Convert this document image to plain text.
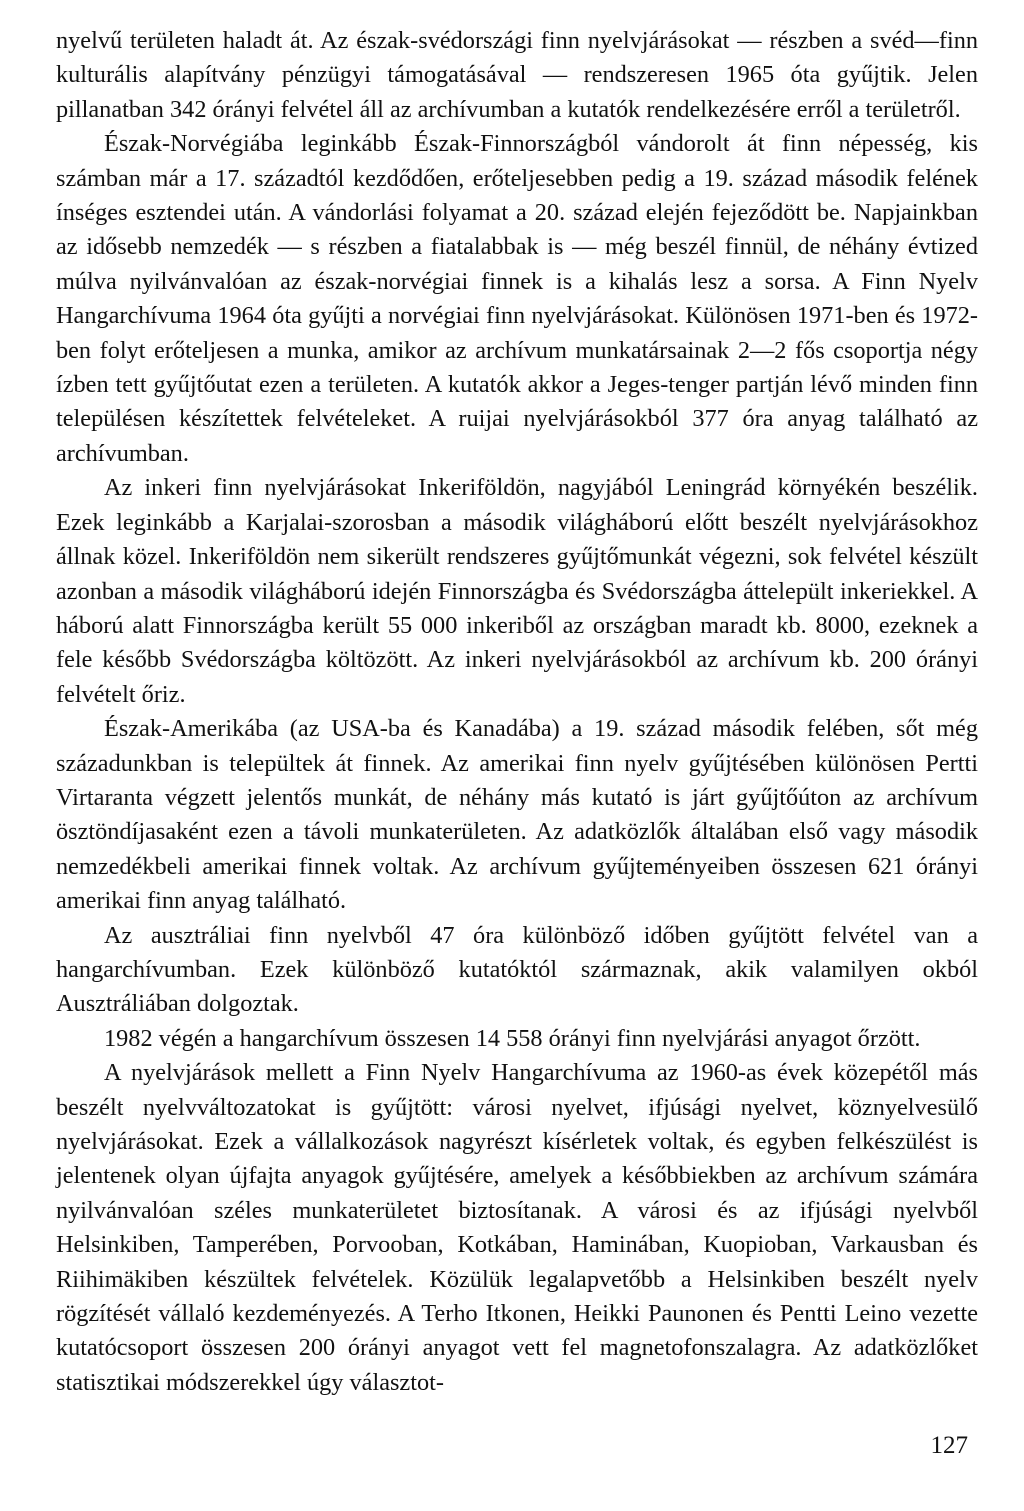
nyelvű területen haladt át. Az észak-svédországi finn nyelvjárásokat — részben a svéd—finn kulturális alapítvány pénzügyi támogatásával — rendszeresen 1965 óta gyűjtik. Jelen pillanatban 342 órányi felvétel áll az archívumban a kutatók rendelkezésére erről a területről.

Észak-Norvégiába leginkább Észak-Finnországból vándorolt át finn népesség, kis számban már a 17. századtól kezdődően, erőteljesebben pedig a 19. század második felének ínséges esztendei után. A vándorlási folyamat a 20. század elején fejeződött be. Napjainkban az idősebb nemzedék — s részben a fiatalabbak is — még beszél finnül, de néhány évtized múlva nyilvánvalóan az észak-norvégiai finnek is a kihalás lesz a sorsa. A Finn Nyelv Hangarchívuma 1964 óta gyűjti a norvégiai finn nyelvjárásokat. Különösen 1971-ben és 1972-ben folyt erőteljesen a munka, amikor az archívum munkatársainak 2—2 fős csoportja négy ízben tett gyűjtőutat ezen a területen. A kutatók akkor a Jeges-tenger partján lévő minden finn településen készítettek felvételeket. A ruijai nyelvjárásokból 377 óra anyag található az archívumban.

Az inkeri finn nyelvjárásokat Inkeriföldön, nagyjából Leningrád környékén beszélik. Ezek leginkább a Karjalai-szorosban a második világháború előtt beszélt nyelvjárásokhoz állnak közel. Inkeriföldön nem sikerült rendszeres gyűjtőmunkát végezni, sok felvétel készült azonban a második világháború idején Finnországba és Svédországba áttelepült inkeriekkel. A háború alatt Finnországba került 55 000 inkeriből az országban maradt kb. 8000, ezeknek a fele később Svédországba költözött. Az inkeri nyelvjárásokból az archívum kb. 200 órányi felvételt őriz.

Észak-Amerikába (az USA-ba és Kanadába) a 19. század második felében, sőt még századunkban is települtek át finnek. Az amerikai finn nyelv gyűjtésében különösen Pertti Virtaranta végzett jelentős munkát, de néhány más kutató is járt gyűjtőúton az archívum ösztöndíjasaként ezen a távoli munkaterületen. Az adatközlők általában első vagy második nemzedékbeli amerikai finnek voltak. Az archívum gyűjteményeiben összesen 621 órányi amerikai finn anyag található.

Az ausztráliai finn nyelvből 47 óra különböző időben gyűjtött felvétel van a hangarchívumban. Ezek különböző kutatóktól származnak, akik valamilyen okból Ausztráliában dolgoztak.

1982 végén a hangarchívum összesen 14 558 órányi finn nyelvjárási anyagot őrzött.

A nyelvjárások mellett a Finn Nyelv Hangarchívuma az 1960-as évek közepétől más beszélt nyelvváltozatokat is gyűjtött: városi nyelvet, ifjúsági nyelvet, köznyelvesülő nyelvjárásokat. Ezek a vállalkozások nagyrészt kísérletek voltak, és egyben felkészülést is jelentenek olyan újfajta anyagok gyűjtésére, amelyek a későbbiekben az archívum számára nyilvánvalóan széles munkaterületet biztosítanak. A városi és az ifjúsági nyelvből Helsinkiben, Tamperében, Porvooban, Kotkában, Haminában, Kuopioban, Varkausban és Riihimäkiben készültek felvételek. Közülük legalapvetőbb a Helsinkiben beszélt nyelv rögzítését vállaló kezdeményezés. A Terho Itkonen, Heikki Paunonen és Pentti Leino vezette kutatócsoport összesen 200 órányi anyagot vett fel magnetofonszalagra. Az adatközlőket statisztikai módszerekkel úgy választot-

127
